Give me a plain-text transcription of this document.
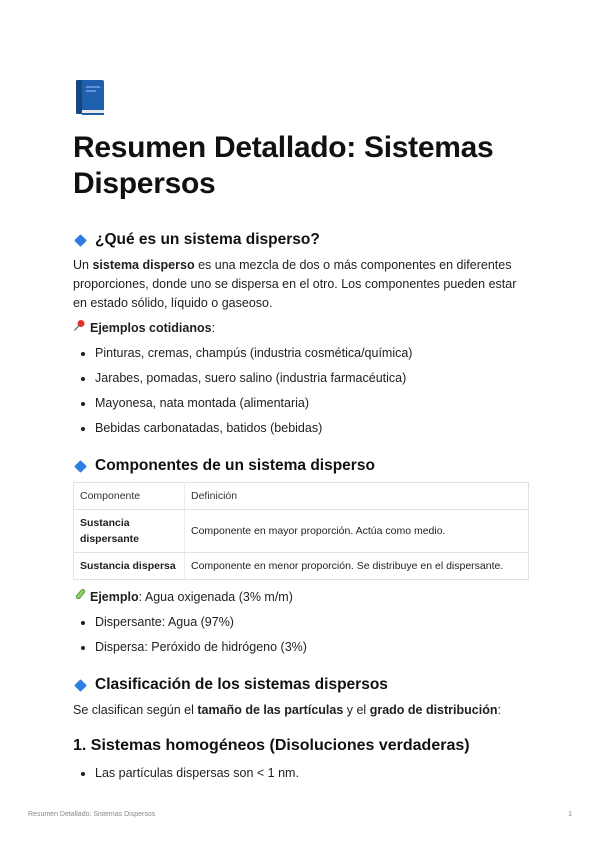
Resumen Detallado: Sistemas Dispersos
¿Qué es un sistema disperso?

Un sistema disperso es una mezcla de dos o más componentes en diferentes proporciones, donde uno se dispersa en el otro. Los componentes pueden estar en estado sólido, líquido o gaseoso.

Ejemplos cotidianos :
• Pinturas, cremas, champús (industria cosmética/química)
• Jarabes, pomadas, suero salino (industria farmacéutica)
• Mayonesa, nata montada (alimentaria)
• Bebidas carbonatadas, batidos (bebidas)
Componentes de un sistema disperso
Componente	Definición
Sustancia dispersante	Componente en mayor proporción. Actúa como medio.
Sustancia dispersa	Componente en menor proporción. Se distribuye en el dispersante.
Ejemplo : Agua oxigenada (3% m/m)
• Dispersante: Agua (97%)
• Dispersa: Peróxido de hidrógeno (3%)
Clasificación de los sistemas dispersos

Se clasifican según el tamaño de las partículas y el grado de distribución:

1. Sistemas homogéneos (Disoluciones verdaderas)
• Las partículas dispersas son < 1 nm.
Resumen Detallado: Sistemas Dispersos	1
